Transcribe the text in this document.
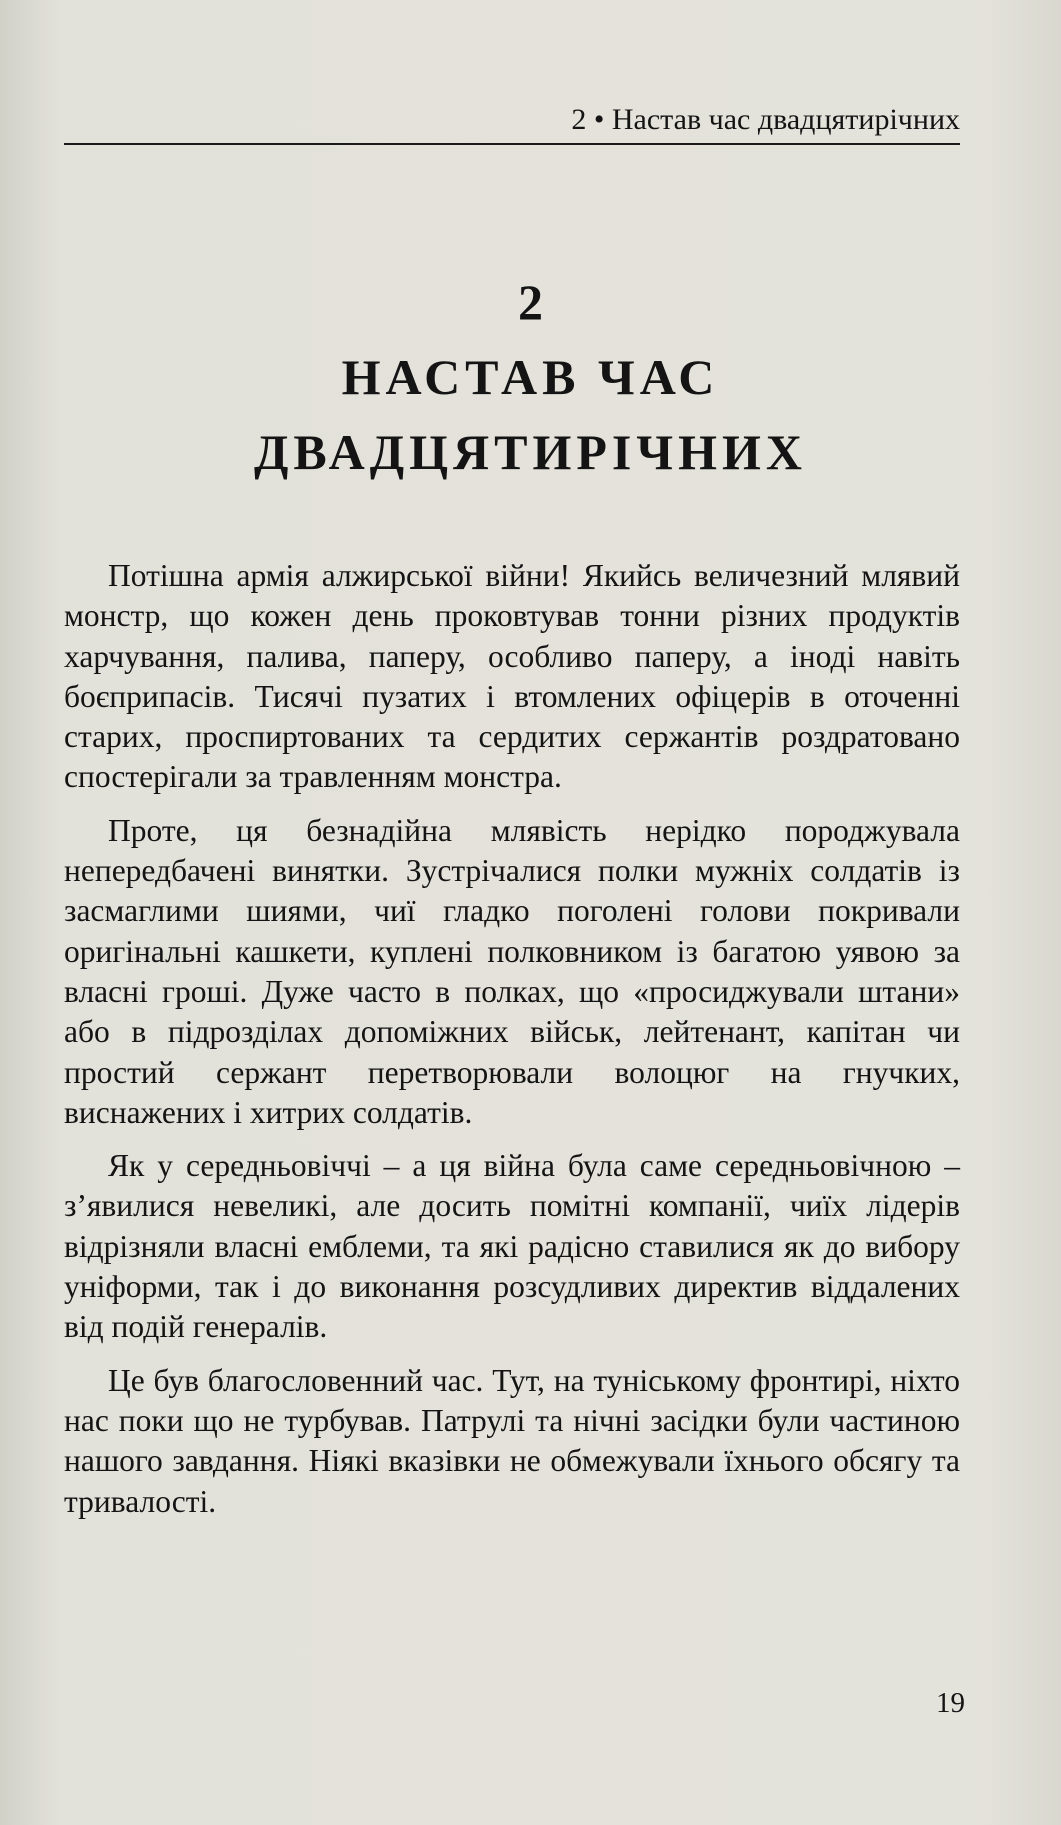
2 • Настав час двадцятирічних
2
НАСТАВ ЧАС
ДВАДЦЯТИРІЧНИХ

Потішна армія алжирської війни! Якийсь величезний млявий монстр, що кожен день проковтував тонни різних продуктів харчування, палива, паперу, особливо паперу, а іноді навіть боєприпасів. Тисячі пузатих і втомлених офіцерів в оточенні старих, проспиртованих та сердитих сержантів роздратовано спостерігали за травленням монстра.

Проте, ця безнадійна млявість нерідко породжувала непередбачені винятки. Зустрічалися полки мужніх солдатів із засмаглими шиями, чиї гладко поголені голови покривали оригінальні кашкети, куплені полковником із багатою уявою за власні гроші. Дуже часто в полках, що «просиджували штани» або в підрозділах допоміжних військ, лейтенант, капітан чи простий сержант перетворювали волоцюг на гнучких, виснажених і хитрих солдатів.

Як у середньовіччі – а ця війна була саме середньовічною – з’явилися невеликі, але досить помітні компанії, чиїх лідерів відрізняли власні емблеми, та які радісно ставилися як до вибору уніформи, так і до виконання розсудливих директив віддалених від подій генералів.

Це був благословенний час. Тут, на туніському фронтирі, ніхто нас поки що не турбував. Патрулі та нічні засідки були частиною нашого завдання. Ніякі вказівки не обмежували їхнього обсягу та тривалості.

19
